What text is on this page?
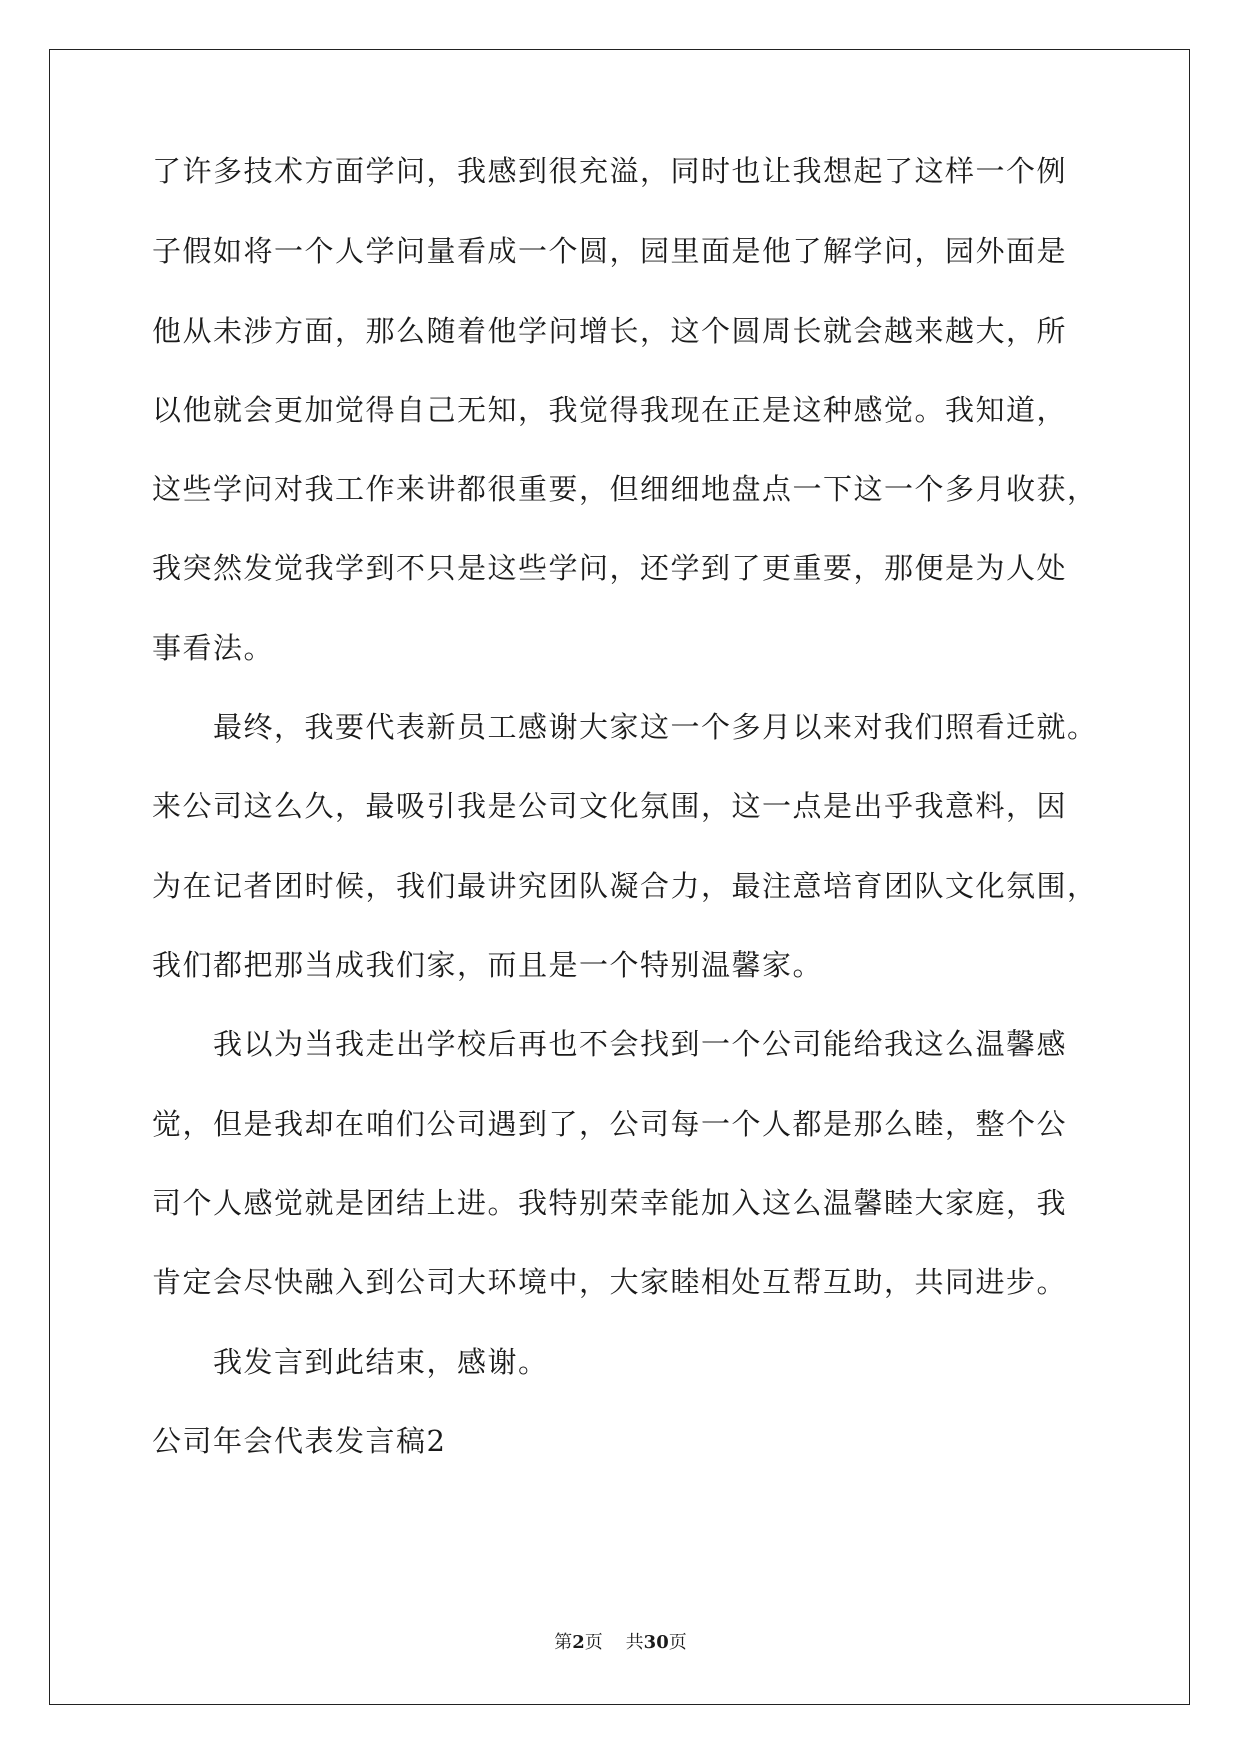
了许多技术方面学问，我感到很充溢，同时也让我想起了这样一个例
子假如将一个人学问量看成一个圆，园里面是他了解学问，园外面是
他从未涉方面，那么随着他学问增长，这个圆周长就会越来越大，所
以他就会更加觉得自己无知，我觉得我现在正是这种感觉。我知道，
这些学问对我工作来讲都很重要，但细细地盘点一下这一个多月收获，
我突然发觉我学到不只是这些学问，还学到了更重要，那便是为人处
事看法。
最终，我要代表新员工感谢大家这一个多月以来对我们照看迁就。
来公司这么久，最吸引我是公司文化氛围，这一点是出乎我意料，因
为在记者团时候，我们最讲究团队凝合力，最注意培育团队文化氛围，
我们都把那当成我们家，而且是一个特别温馨家。
我以为当我走出学校后再也不会找到一个公司能给我这么温馨感
觉，但是我却在咱们公司遇到了，公司每一个人都是那么睦，整个公
司个人感觉就是团结上进。我特别荣幸能加入这么温馨睦大家庭，我
肯定会尽快融入到公司大环境中，大家睦相处互帮互助，共同进步。
我发言到此结束，感谢。
公司年会代表发言稿2
第2页 共30页
